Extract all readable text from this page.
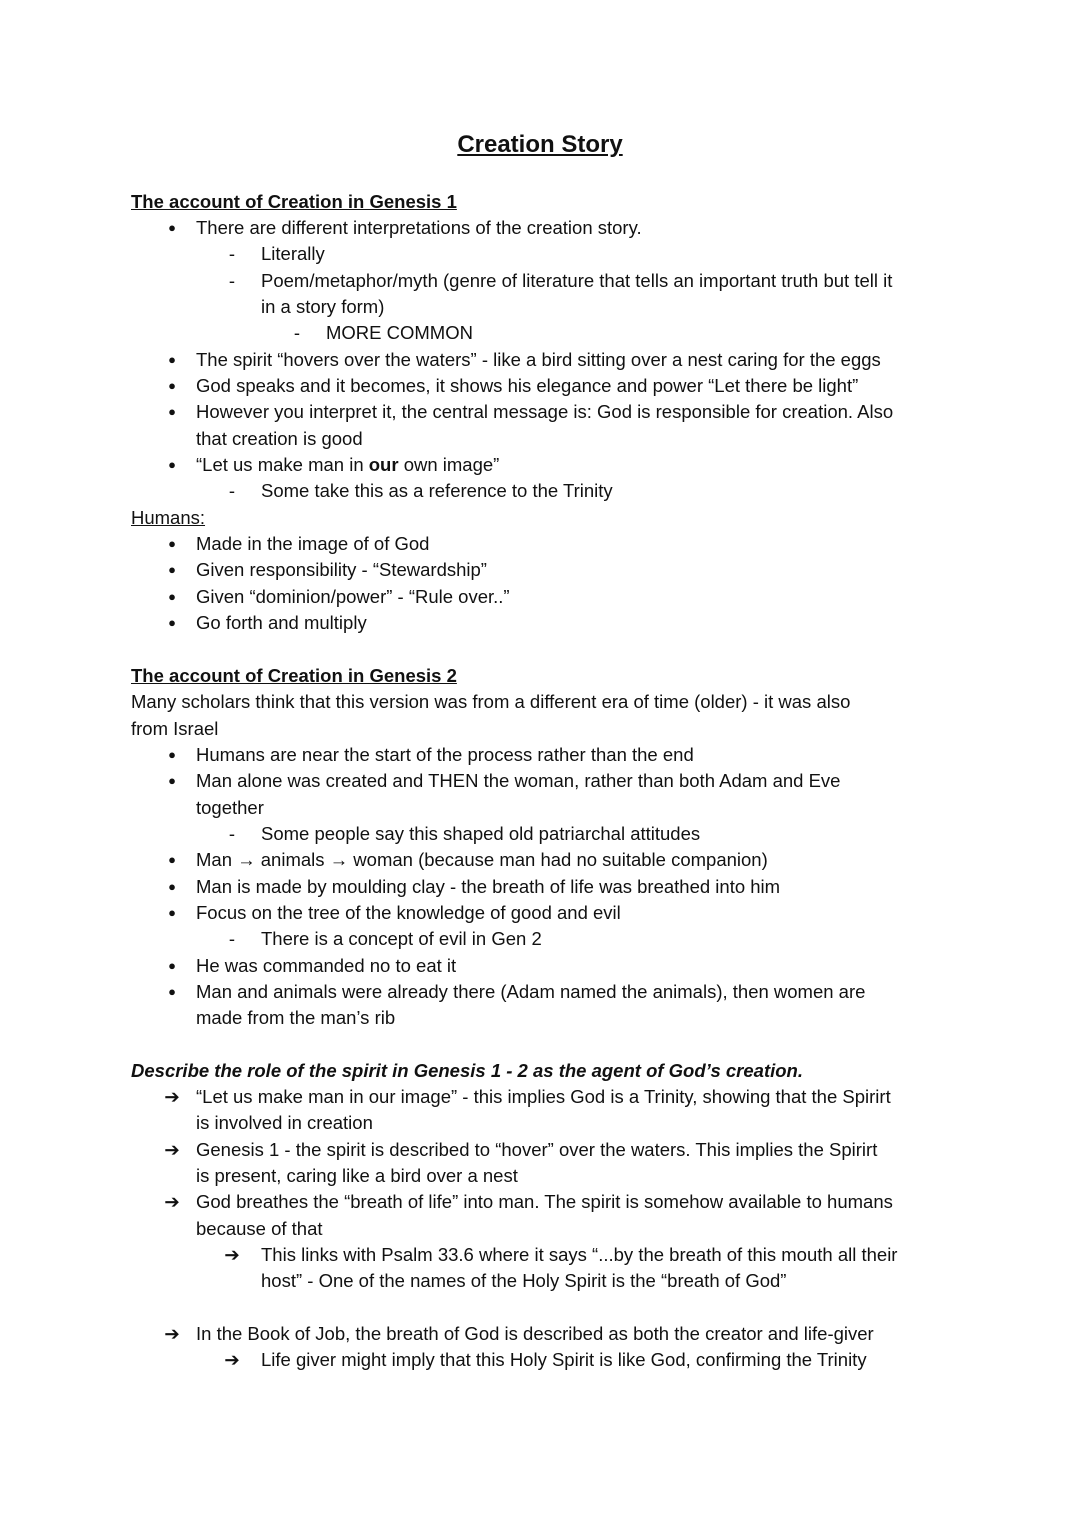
Creation Story
The account of Creation in Genesis 1
●	There are different interpretations of the creation story.
-	Literally
-	Poem/metaphor/myth (genre of literature that tells an important truth but tell it
in a story form)
-	MORE COMMON
●	The spirit “hovers over the waters” - like a bird sitting over a nest caring for the eggs
●	God speaks and it becomes, it shows his elegance and power “Let there be light”
●	However you interpret it, the central message is: God is responsible for creation. Also
that creation is good
●	“Let us make man in our own image”
-	Some take this as a reference to the Trinity
Humans:
●	Made in the image of of God
●	Given responsibility - “Stewardship”
●	Given “dominion/power” - “Rule over..”
●	Go forth and multiply
The account of Creation in Genesis 2
Many scholars think that this version was from a different era of time (older) - it was also
from Israel
●	Humans are near the start of the process rather than the end
●	Man alone was created and THEN the woman, rather than both Adam and Eve
together
-	Some people say this shaped old patriarchal attitudes
●	Man → animals → woman (because man had no suitable companion)
●	Man is made by moulding clay - the breath of life was breathed into him
●	Focus on the tree of the knowledge of good and evil
-	There is a concept of evil in Gen 2
●	He was commanded no to eat it
●	Man and animals were already there (Adam named the animals), then women are
made from the man’s rib
Describe the role of the spirit in Genesis 1 - 2 as the agent of God’s creation.
➔ “Let us make man in our image” - this implies God is a Trinity, showing that the Spirirt
is involved in creation
➔ Genesis 1 - the spirit is described to “hover” over the waters. This implies the Spirirt
is present, caring like a bird over a nest
➔ God breathes the “breath of life” into man. The spirit is somehow available to humans
because of that
➔ This links with Psalm 33.6 where it says “...by the breath of this mouth all their
host” - One of the names of the Holy Spirit is the “breath of God”
➔ In the Book of Job, the breath of God is described as both the creator and life-giver
➔ Life giver might imply that this Holy Spirit is like God, confirming the Trinity
